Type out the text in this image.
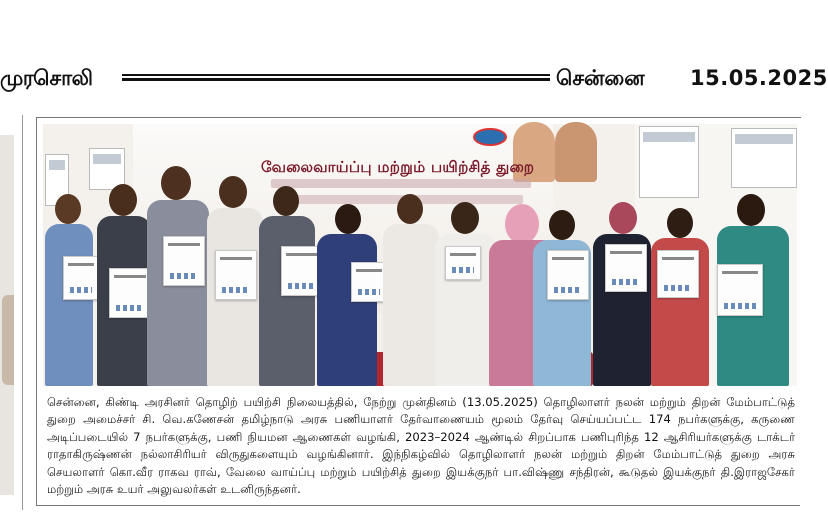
முரசொலி	சென்னை 15.05.2025
வேலைவாய்ப்பு மற்றும் பயிற்சித் துறை

சென்னை, கிண்டி அரசினர் தொழிற் பயிற்சி நிலையத்தில், நேற்று முன்தினம் (13.05.2025) தொழிலாளர் நலன் மற்றும் திறன் மேம்பாட்டுத் துறை அமைச்சர் சி. வெ.கணேசன் தமிழ்நாடு அரசு பணியாளர் தேர்வாணையம் மூலம் தேர்வு செய்யப்பட்ட 174 நபர்களுக்கு, கருணை அடிப்படையில் 7 நபர்களுக்கு, பணி நியமன ஆணைகள் வழங்கி, 2023–2024 ஆண்டில் சிறப்பாக பணிபுரிந்த 12 ஆசிரியர்களுக்கு டாக்டர் ராதாகிருஷ்ணன் நல்லாசிரியர் விருதுகளையும் வழங்கினார். இந்நிகழ்வில் தொழிலாளர் நலன் மற்றும் திறன் மேம்பாட்டுத் துறை அரசு செயலாளர் கொ.வீர ராகவ ராவ், வேலை வாய்ப்பு மற்றும் பயிற்சித் துறை இயக்குநர் பா.விஷ்ணு சந்திரன், கூடுதல் இயக்குநர் தி.இராஜசேகர் மற்றும் அரசு உயர் அலுவலர்கள் உடனிருந்தனர்.
